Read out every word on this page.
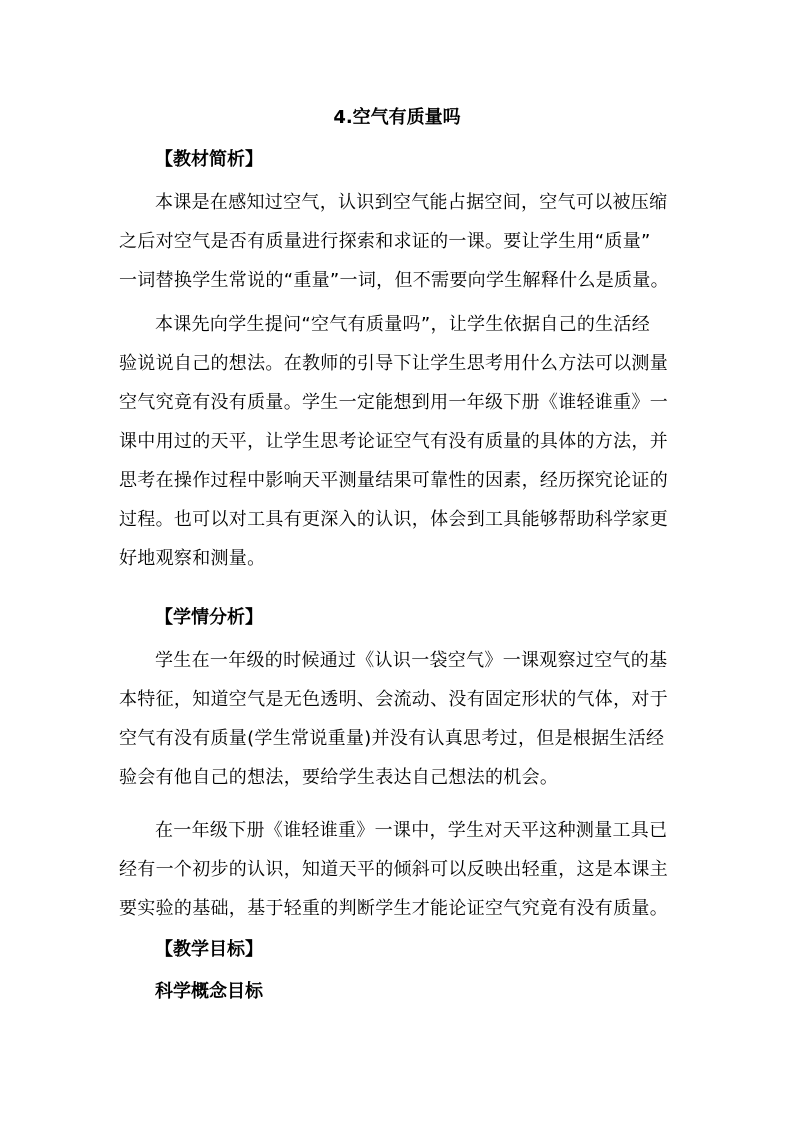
4.空气有质量吗
【教材简析】
本课是在感知过空气，认识到空气能占据空间，空气可以被压缩
之后对空气是否有质量进行探索和求证的一课。要让学生用“质量”
一词替换学生常说的“重量”一词，但不需要向学生解释什么是质量。
本课先向学生提问“空气有质量吗”，让学生依据自己的生活经
验说说自己的想法。在教师的引导下让学生思考用什么方法可以测量
空气究竟有没有质量。学生一定能想到用一年级下册《谁轻谁重》一
课中用过的天平，让学生思考论证空气有没有质量的具体的方法，并
思考在操作过程中影响天平测量结果可靠性的因素，经历探究论证的
过程。也可以对工具有更深入的认识，体会到工具能够帮助科学家更
好地观察和测量。
【学情分析】
学生在一年级的时候通过《认识一袋空气》一课观察过空气的基
本特征，知道空气是无色透明、会流动、没有固定形状的气体，对于
空气有没有质量(学生常说重量)并没有认真思考过，但是根据生活经
验会有他自己的想法，要给学生表达自己想法的机会。
在一年级下册《谁轻谁重》一课中，学生对天平这种测量工具已
经有一个初步的认识，知道天平的倾斜可以反映出轻重，这是本课主
要实验的基础，基于轻重的判断学生才能论证空气究竟有没有质量。
【教学目标】
科学概念目标
